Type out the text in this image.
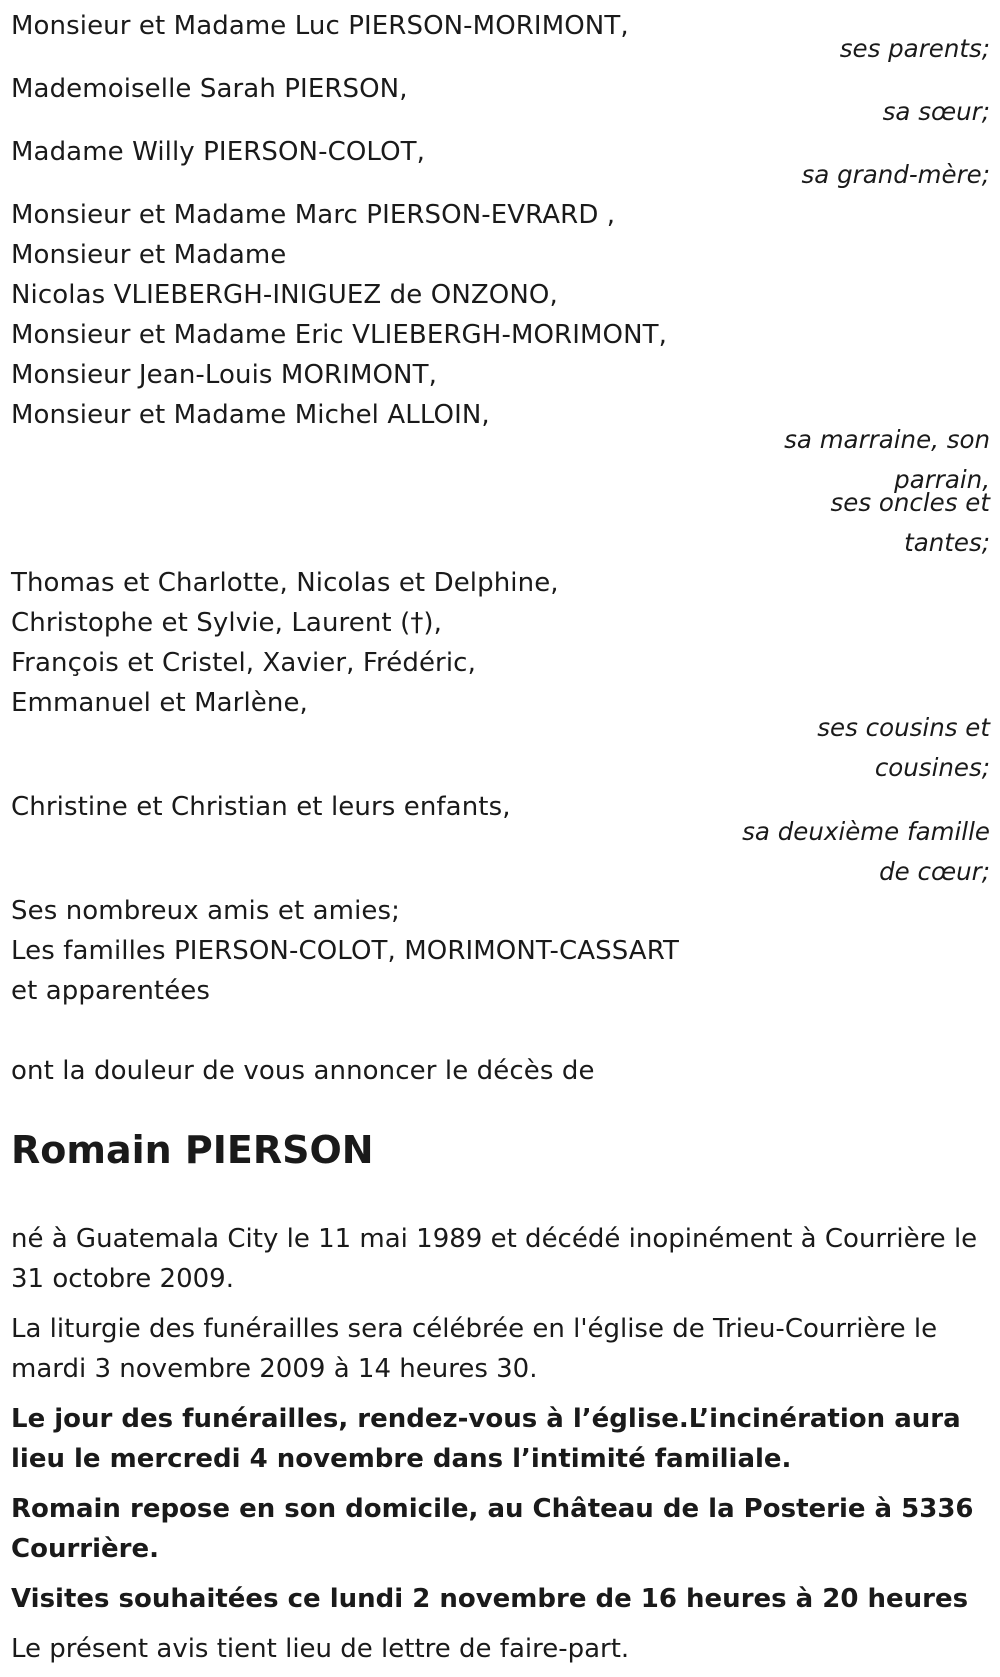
Monsieur et Madame Luc PIERSON-MORIMONT,
ses parents;
Mademoiselle Sarah PIERSON,
sa sœur;
Madame Willy PIERSON-COLOT,
sa grand-mère;
Monsieur et Madame Marc PIERSON-EVRARD ,
Monsieur et Madame
Nicolas VLIEBERGH-INIGUEZ de ONZONO,
Monsieur et Madame Eric VLIEBERGH-MORIMONT,
Monsieur Jean-Louis MORIMONT,
Monsieur et Madame Michel ALLOIN,
sa marraine, son
parrain,
ses oncles et
tantes;
Thomas et Charlotte, Nicolas et Delphine,
Christophe et Sylvie, Laurent (†),
François et Cristel, Xavier, Frédéric,
Emmanuel et Marlène,
ses cousins et
cousines;
Christine et Christian et leurs enfants,
sa deuxième famille
de cœur;
Ses nombreux amis et amies;
Les familles PIERSON-COLOT, MORIMONT-CASSART
et apparentées
ont la douleur de vous annoncer le décès de
Romain PIERSON

né à Guatemala City le 11 mai 1989 et décédé inopinément à Courrière le 31 octobre 2009.

La liturgie des funérailles sera célébrée en l'église de Trieu-Courrière le mardi 3 novembre 2009 à 14 heures 30.

Le jour des funérailles, rendez-vous à l’église.L’incinération aura lieu le mercredi 4 novembre dans l’intimité familiale.

Romain repose en son domicile, au Château de la Posterie à 5336 Courrière.

Visites souhaitées ce lundi 2 novembre de 16 heures à 20 heures

Le présent avis tient lieu de lettre de faire-part.
